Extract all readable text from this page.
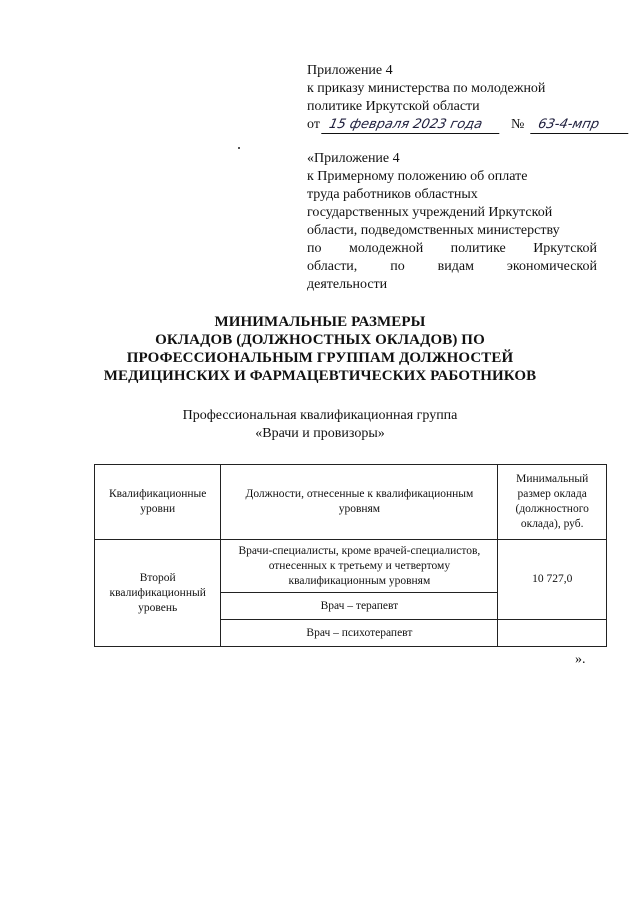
Приложение 4
к приказу министерства по молодежной
политике Иркутской области
от 15 февраля 2023 года № 63-4-мпр
«Приложение 4
к Примерному положению об оплате
труда работников областных
государственных учреждений Иркутской
области, подведомственных министерству
по молодежной политике Иркутской
области, по видам экономической
деятельности
МИНИМАЛЬНЫЕ РАЗМЕРЫ
ОКЛАДОВ (ДОЛЖНОСТНЫХ ОКЛАДОВ) ПО
ПРОФЕССИОНАЛЬНЫМ ГРУППАМ ДОЛЖНОСТЕЙ
МЕДИЦИНСКИХ И ФАРМАЦЕВТИЧЕСКИХ РАБОТНИКОВ
Профессиональная квалификационная группа
«Врачи и провизоры»
Квалификационные уровни	Должности, отнесенные к квалификационным уровням	Минимальный размер оклада (должностного оклада), руб.
Второй квалификационный уровень	Врачи-специалисты, кроме врачей-специалистов, отнесенных к третьему и четвертому квалификационным уровням	10 727,0
	Врач – терапевт	
	Врач – психотерапевт	
».
